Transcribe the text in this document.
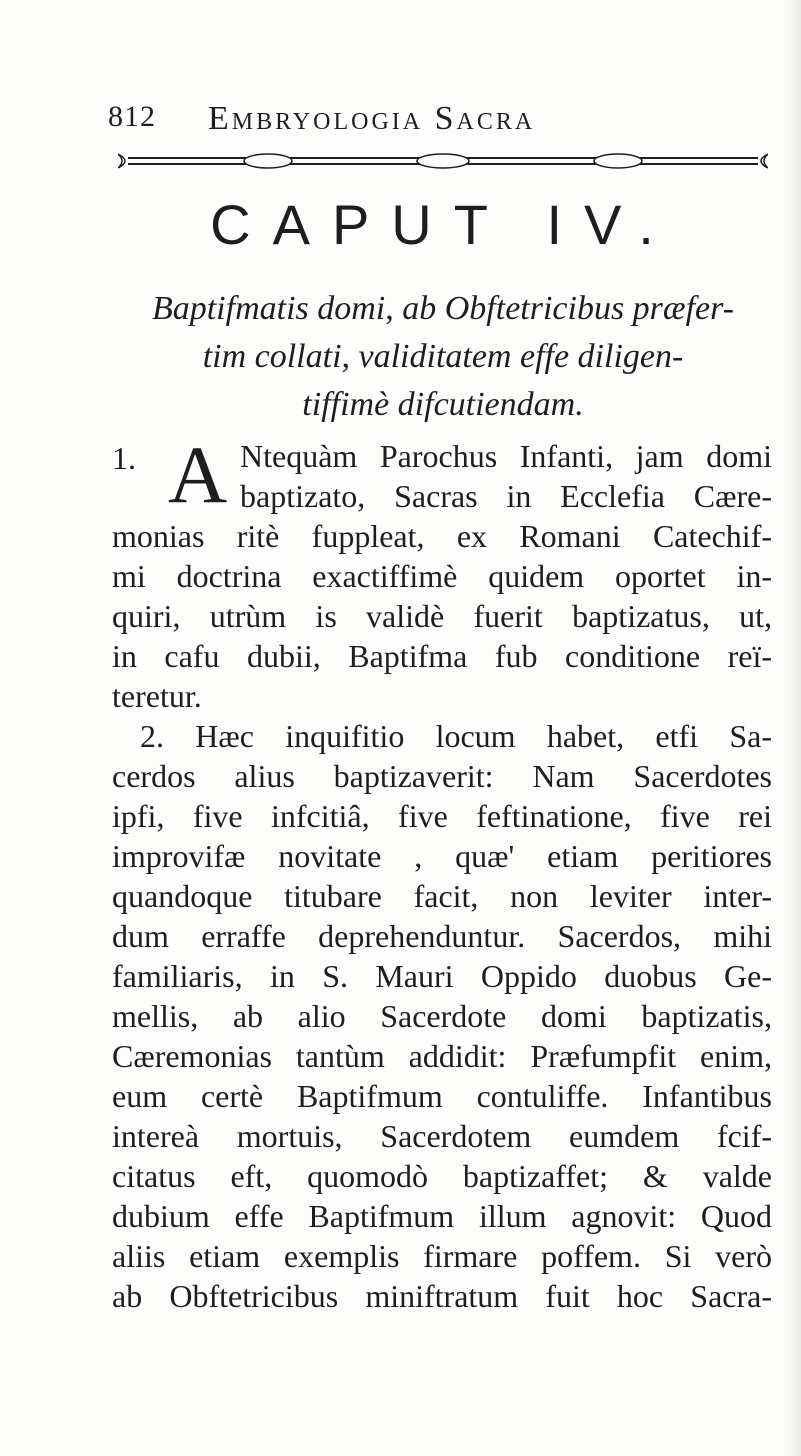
812 Embryologia Sacra
CAPUT IV.
Baptifmatis domi, ab Obftetricibus præfer-
tim collati, validitatem effe diligen-
tiffimè difcutiendam.
1. A Ntequàm Parochus Infanti, jam domi
baptizato, Sacras in Ecclefia Cære-
monias ritè fuppleat, ex Romani Catechif-
mi doctrina exactiffimè quidem oportet in-
quiri, utrùm is validè fuerit baptizatus, ut,
in cafu dubii, Baptifma fub conditione reï-
teretur.
2. Hæc inquifitio locum habet, etfi Sa-
cerdos alius baptizaverit: Nam Sacerdotes
ipfi, five infcitiâ, five feftinatione, five rei
improvifæ novitate , quæ' etiam peritiores
quandoque titubare facit, non leviter inter-
dum erraffe deprehenduntur. Sacerdos, mihi
familiaris, in S. Mauri Oppido duobus Ge-
mellis, ab alio Sacerdote domi baptizatis,
Cæremonias tantùm addidit: Præfumpfit enim,
eum certè Baptifmum contuliffe. Infantibus
intereà mortuis, Sacerdotem eumdem fcif-
citatus eft, quomodò baptizaffet; & valde
dubium effe Baptifmum illum agnovit: Quod
aliis etiam exemplis firmare poffem. Si verò
ab Obftetricibus miniftratum fuit hoc Sacra-
